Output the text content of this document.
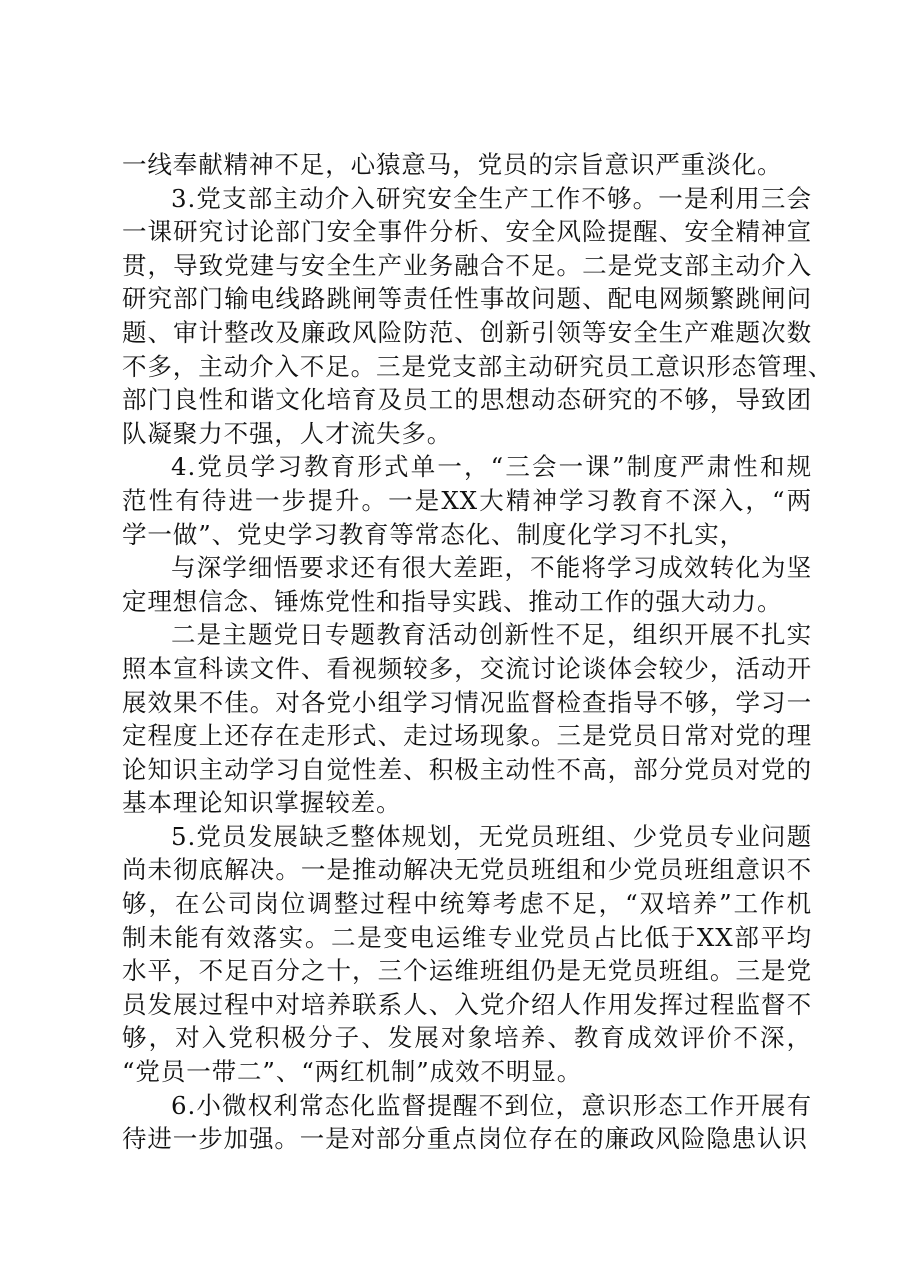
一线奉献精神不足，心猿意马，党员的宗旨意识严重淡化。
3.党支部主动介入研究安全生产工作不够。一是利用三会
一课研究讨论部门安全事件分析、安全风险提醒、安全精神宣
贯，导致党建与安全生产业务融合不足。二是党支部主动介入
研究部门输电线路跳闸等责任性事故问题、配电网频繁跳闸问
题、审计整改及廉政风险防范、创新引领等安全生产难题次数
不多，主动介入不足。三是党支部主动研究员工意识形态管理、
部门良性和谐文化培育及员工的思想动态研究的不够，导致团
队凝聚力不强，人才流失多。
4.党员学习教育形式单一，“三会一课”制度严肃性和规
范性有待进一步提升。一是XX大精神学习教育不深入，“两
学一做”、党史学习教育等常态化、制度化学习不扎实，
与深学细悟要求还有很大差距，不能将学习成效转化为坚
定理想信念、锤炼党性和指导实践、推动工作的强大动力。
二是主题党日专题教育活动创新性不足，组织开展不扎实
照本宣科读文件、看视频较多，交流讨论谈体会较少，活动开
展效果不佳。对各党小组学习情况监督检查指导不够，学习一
定程度上还存在走形式、走过场现象。三是党员日常对党的理
论知识主动学习自觉性差、积极主动性不高，部分党员对党的
基本理论知识掌握较差。
5.党员发展缺乏整体规划，无党员班组、少党员专业问题
尚未彻底解决。一是推动解决无党员班组和少党员班组意识不
够，在公司岗位调整过程中统筹考虑不足，“双培养”工作机
制未能有效落实。二是变电运维专业党员占比低于XX部平均
水平，不足百分之十，三个运维班组仍是无党员班组。三是党
员发展过程中对培养联系人、入党介绍人作用发挥过程监督不
够，对入党积极分子、发展对象培养、教育成效评价不深，
“党员一带二”、“两红机制”成效不明显。
6.小微权利常态化监督提醒不到位，意识形态工作开展有
待进一步加强。一是对部分重点岗位存在的廉政风险隐患认识
